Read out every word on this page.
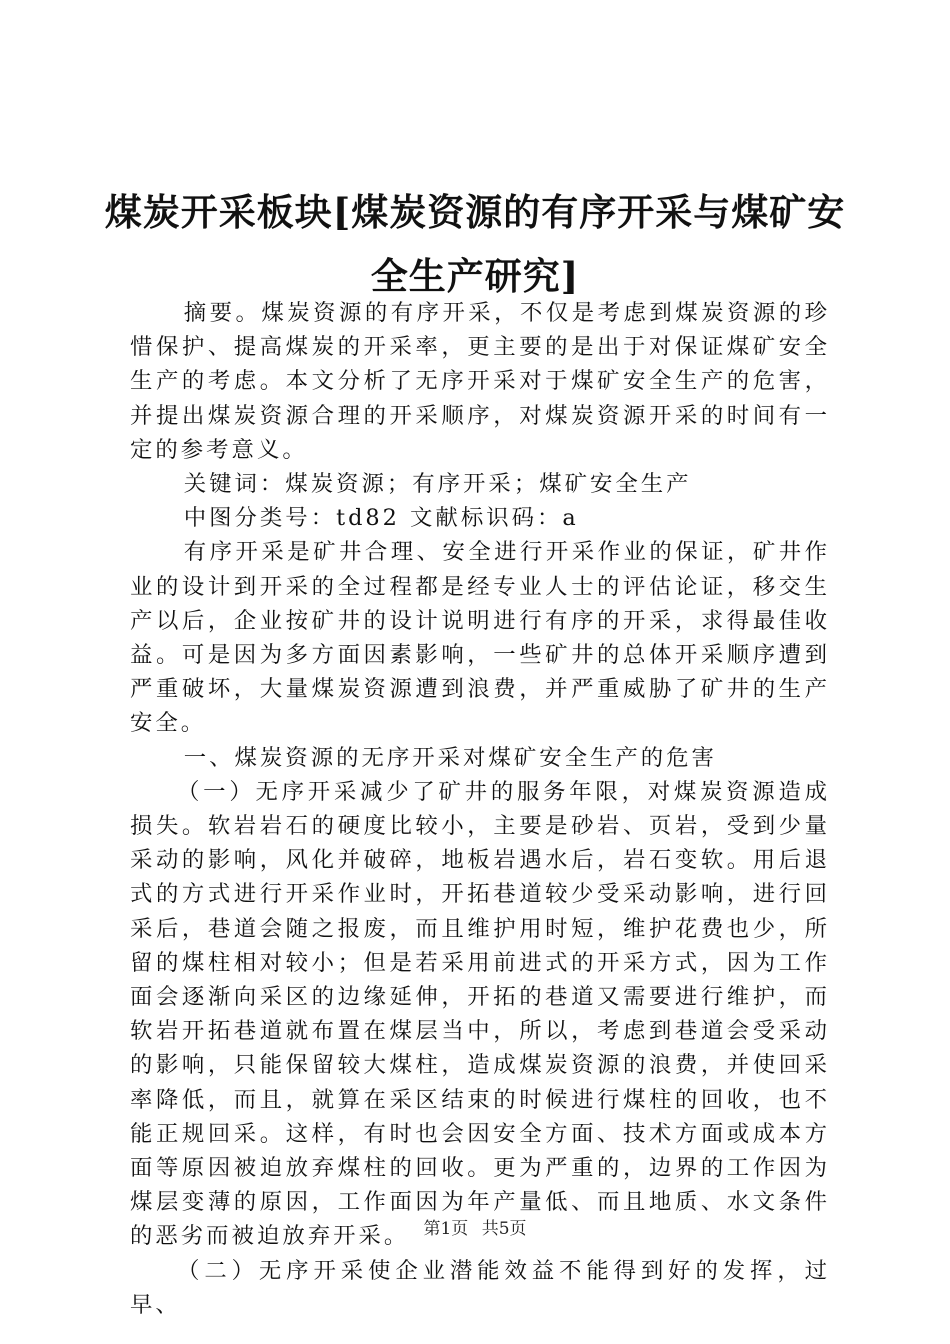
煤炭开采板块[煤炭资源的有序开采与煤矿安
全生产研究]

摘要。煤炭资源的有序开采，不仅是考虑到煤炭资源的珍惜保护、提高煤炭的开采率，更主要的是出于对保证煤矿安全生产的考虑。本文分析了无序开采对于煤矿安全生产的危害，并提出煤炭资源合理的开采顺序，对煤炭资源开采的时间有一定的参考意义。

关键词：煤炭资源；有序开采；煤矿安全生产

中图分类号：td82 文献标识码：a

有序开采是矿井合理、安全进行开采作业的保证，矿井作业的设计到开采的全过程都是经专业人士的评估论证，移交生产以后，企业按矿井的设计说明进行有序的开采，求得最佳收益。可是因为多方面因素影响，一些矿井的总体开采顺序遭到严重破坏，大量煤炭资源遭到浪费，并严重威胁了矿井的生产安全。

一、煤炭资源的无序开采对煤矿安全生产的危害

（一）无序开采减少了矿井的服务年限，对煤炭资源造成损失。软岩岩石的硬度比较小，主要是砂岩、页岩，受到少量采动的影响，风化并破碎，地板岩遇水后，岩石变软。用后退式的方式进行开采作业时，开拓巷道较少受采动影响，进行回采后，巷道会随之报废，而且维护用时短，维护花费也少，所留的煤柱相对较小；但是若采用前进式的开采方式，因为工作面会逐渐向采区的边缘延伸，开拓的巷道又需要进行维护，而软岩开拓巷道就布置在煤层当中，所以，考虑到巷道会受采动的影响，只能保留较大煤柱，造成煤炭资源的浪费，并使回采率降低，而且，就算在采区结束的时候进行煤柱的回收，也不能正规回采。这样，有时也会因安全方面、技术方面或成本方面等原因被迫放弃煤柱的回收。更为严重的，边界的工作因为煤层变薄的原因，工作面因为年产量低、而且地质、水文条件的恶劣而被迫放弃开采。

（二）无序开采使企业潜能效益不能得到好的发挥，过早、

第1页 共5页
